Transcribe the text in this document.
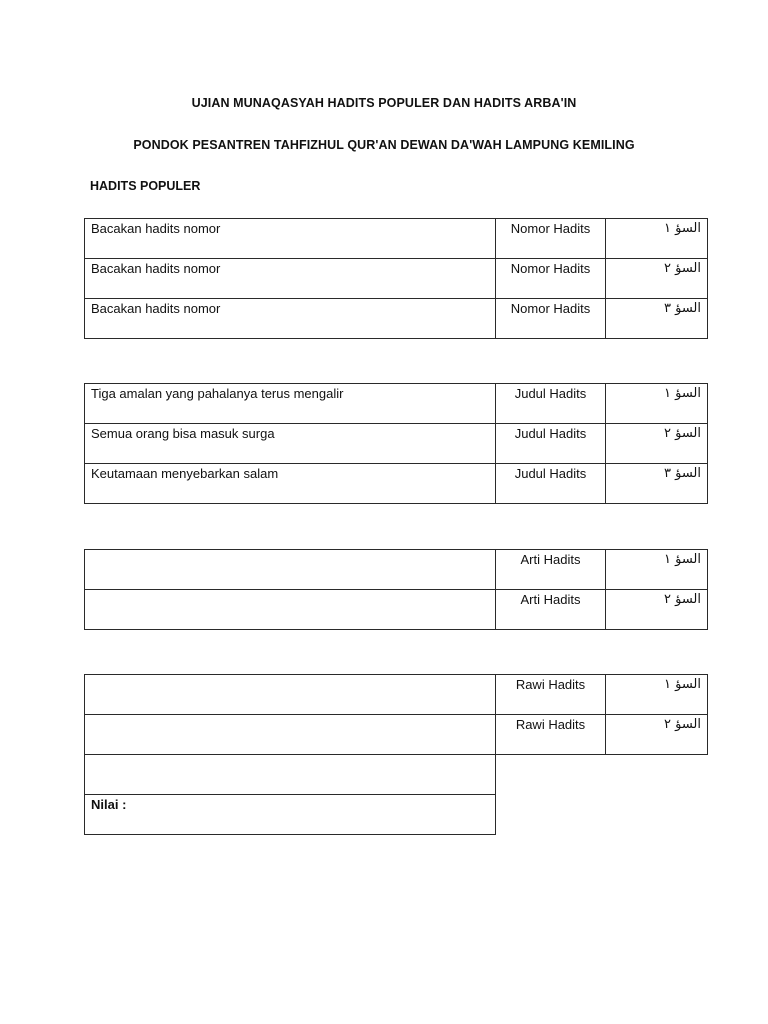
UJIAN MUNAQASYAH HADITS POPULER DAN HADITS ARBA'IN
PONDOK PESANTREN TAHFIZHUL QUR'AN DEWAN DA'WAH LAMPUNG KEMILING
HADITS POPULER
Bacakan hadits nomor	Nomor Hadits	السؤ ١
Bacakan hadits nomor	Nomor Hadits	السؤ ٢
Bacakan hadits nomor	Nomor Hadits	السؤ ٣
Tiga amalan yang pahalanya terus mengalir	Judul Hadits	السؤ ١
Semua orang bisa masuk surga	Judul Hadits	السؤ ٢
Keutamaan menyebarkan salam	Judul Hadits	السؤ ٣
	Arti Hadits	السؤ ١
	Arti Hadits	السؤ ٢
	Rawi Hadits	السؤ ١
	Rawi Hadits	السؤ ٢

Nilai :		
